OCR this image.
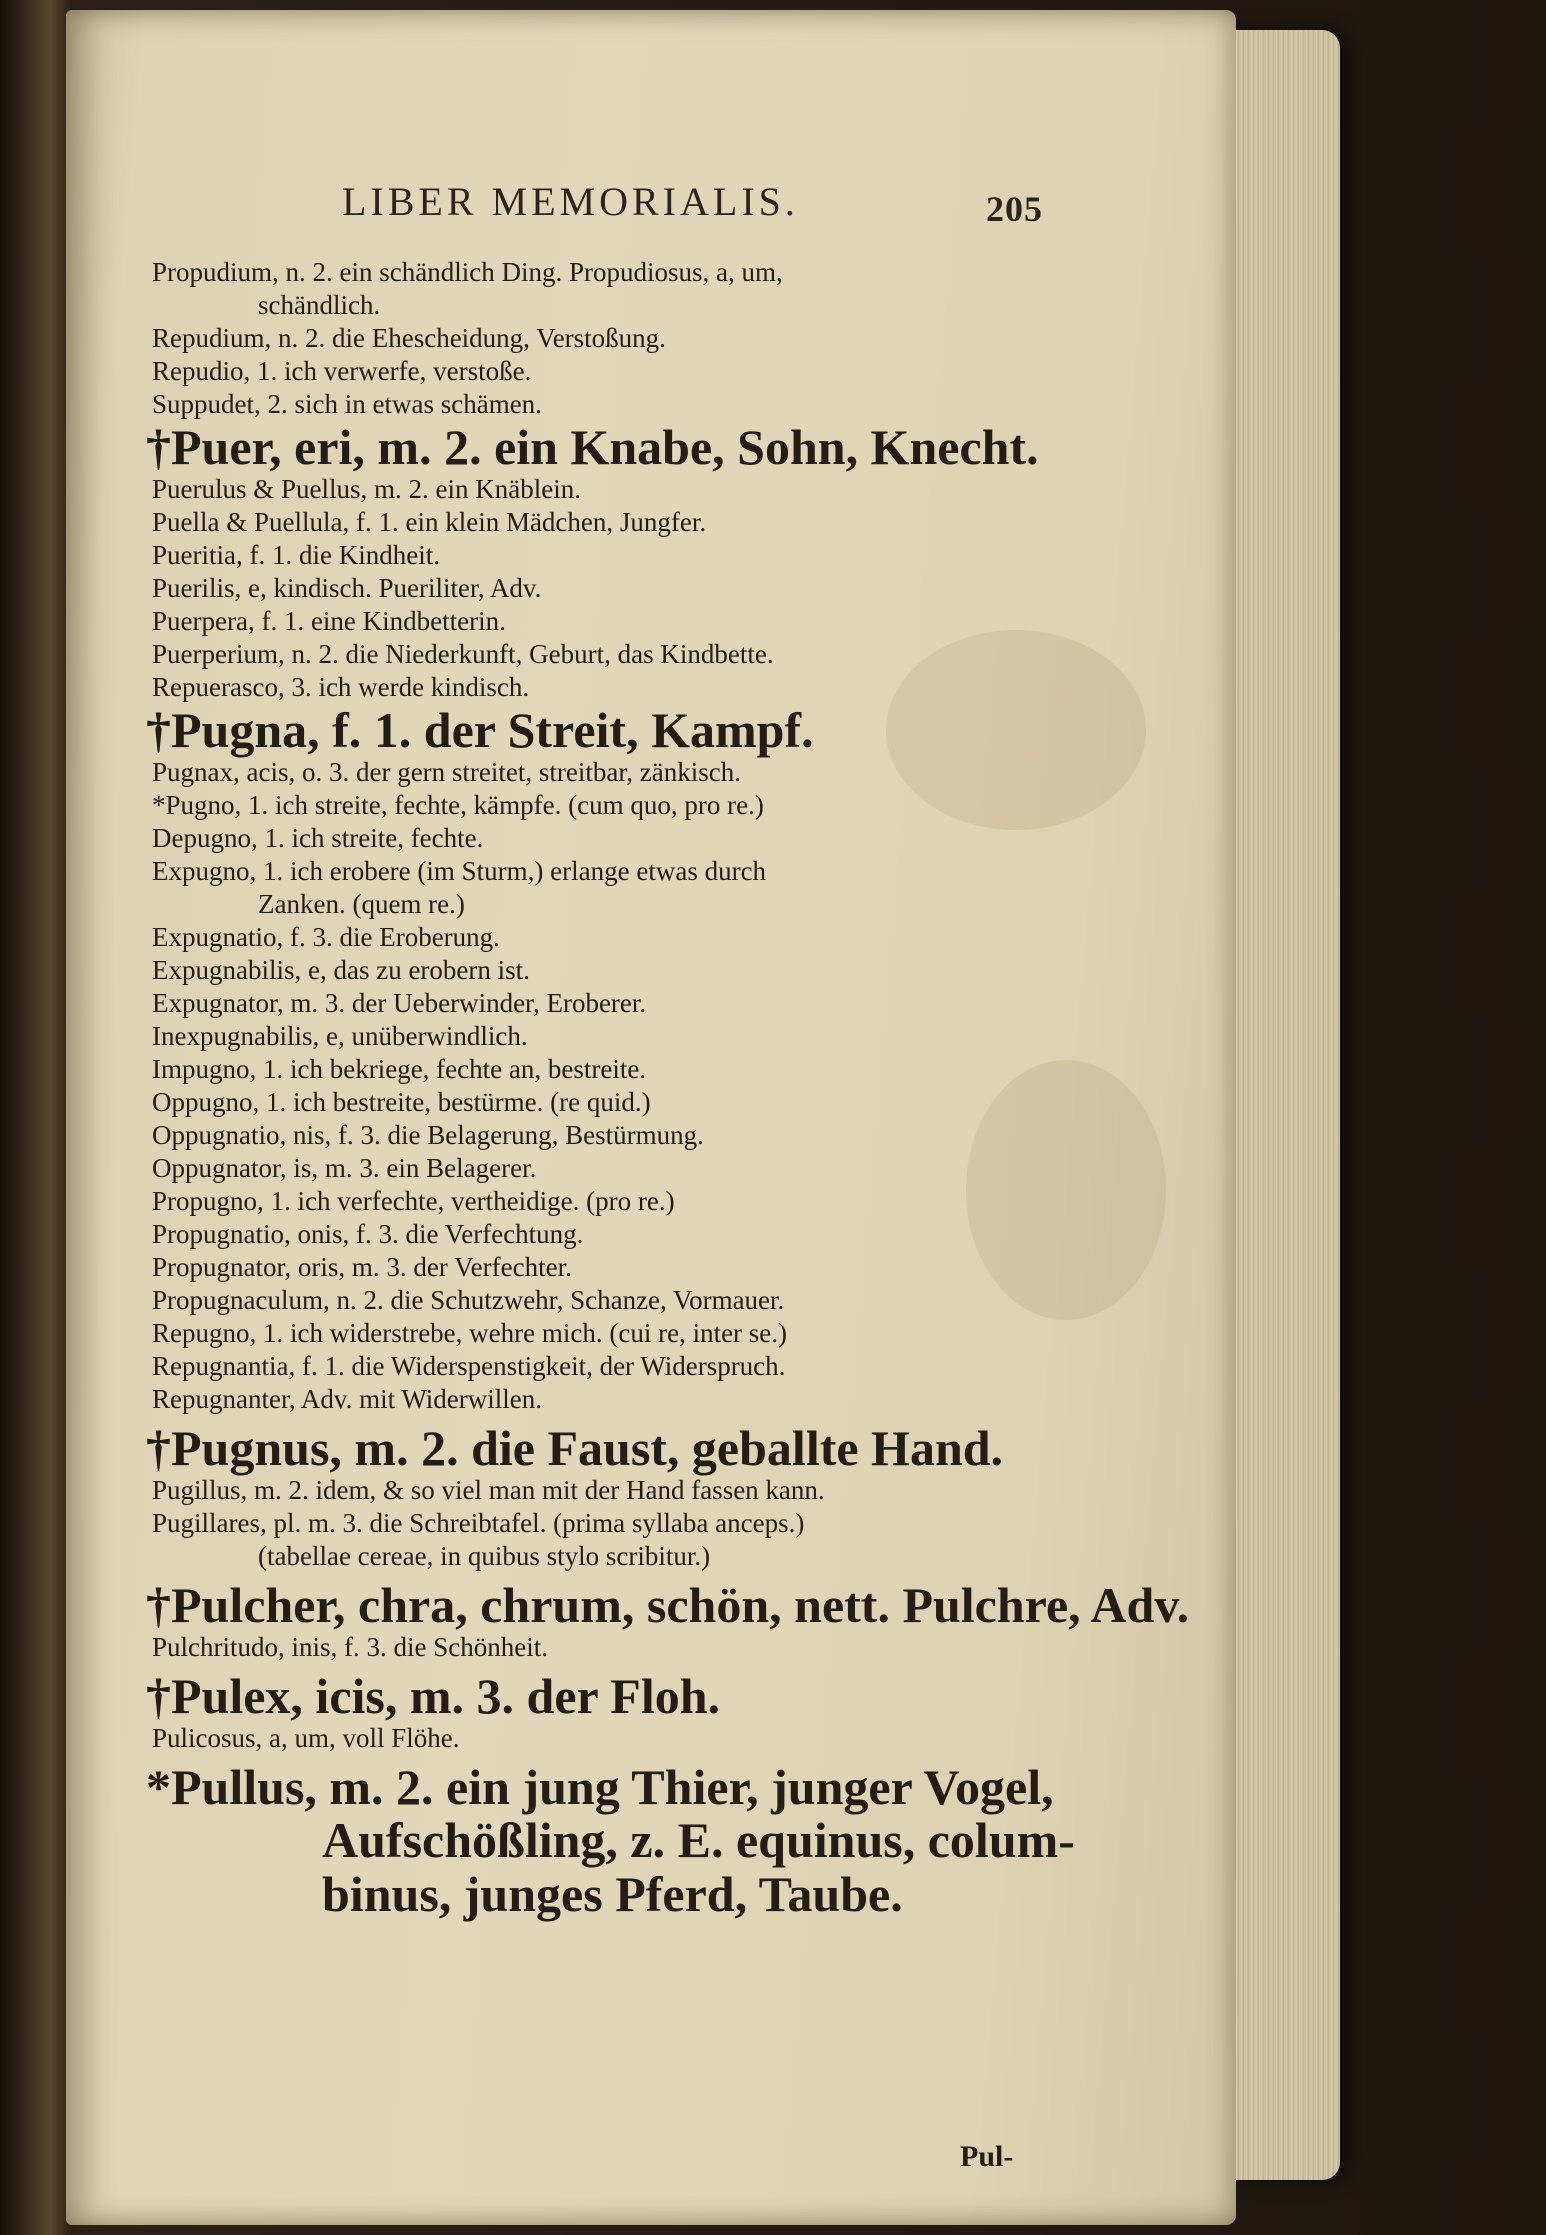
LIBER MEMORIALIS.	205
Propudium, n. 2. ein schändlich Ding. Propudiosus, a, um,
schändlich.
Repudium, n. 2. die Ehescheidung, Verstoßung.
Repudio, 1. ich verwerfe, verstoße.
Suppudet, 2. sich in etwas schämen.
†Puer, eri, m. 2. ein Knabe, Sohn, Knecht.
Puerulus & Puellus, m. 2. ein Knäblein.
Puella & Puellula, f. 1. ein klein Mädchen, Jungfer.
Pueritia, f. 1. die Kindheit.
Puerilis, e, kindisch. Pueriliter, Adv.
Puerpera, f. 1. eine Kindbetterin.
Puerperium, n. 2. die Niederkunft, Geburt, das Kindbette.
Repuerasco, 3. ich werde kindisch.
†Pugna, f. 1. der Streit, Kampf.
Pugnax, acis, o. 3. der gern streitet, streitbar, zänkisch.
*Pugno, 1. ich streite, fechte, kämpfe. (cum quo, pro re.)
Depugno, 1. ich streite, fechte.
Expugno, 1. ich erobere (im Sturm,) erlange etwas durch
Zanken. (quem re.)
Expugnatio, f. 3. die Eroberung.
Expugnabilis, e, das zu erobern ist.
Expugnator, m. 3. der Ueberwinder, Eroberer.
Inexpugnabilis, e, unüberwindlich.
Impugno, 1. ich bekriege, fechte an, bestreite.
Oppugno, 1. ich bestreite, bestürme. (re quid.)
Oppugnatio, nis, f. 3. die Belagerung, Bestürmung.
Oppugnator, is, m. 3. ein Belagerer.
Propugno, 1. ich verfechte, vertheidige. (pro re.)
Propugnatio, onis, f. 3. die Verfechtung.
Propugnator, oris, m. 3. der Verfechter.
Propugnaculum, n. 2. die Schutzwehr, Schanze, Vormauer.
Repugno, 1. ich widerstrebe, wehre mich. (cui re, inter se.)
Repugnantia, f. 1. die Widerspenstigkeit, der Widerspruch.
Repugnanter, Adv. mit Widerwillen.
†Pugnus, m. 2. die Faust, geballte Hand.
Pugillus, m. 2. idem, & so viel man mit der Hand fassen kann.
Pugillares, pl. m. 3. die Schreibtafel. (prima syllaba anceps.)
(tabellae cereae, in quibus stylo scribitur.)
†Pulcher, chra, chrum, schön, nett. Pulchre, Adv.
Pulchritudo, inis, f. 3. die Schönheit.
†Pulex, icis, m. 3. der Floh.
Pulicosus, a, um, voll Flöhe.
*Pullus, m. 2. ein jung Thier, junger Vogel,
Aufschößling, z. E. equinus, colum-
binus, junges Pferd, Taube.
Pul-
